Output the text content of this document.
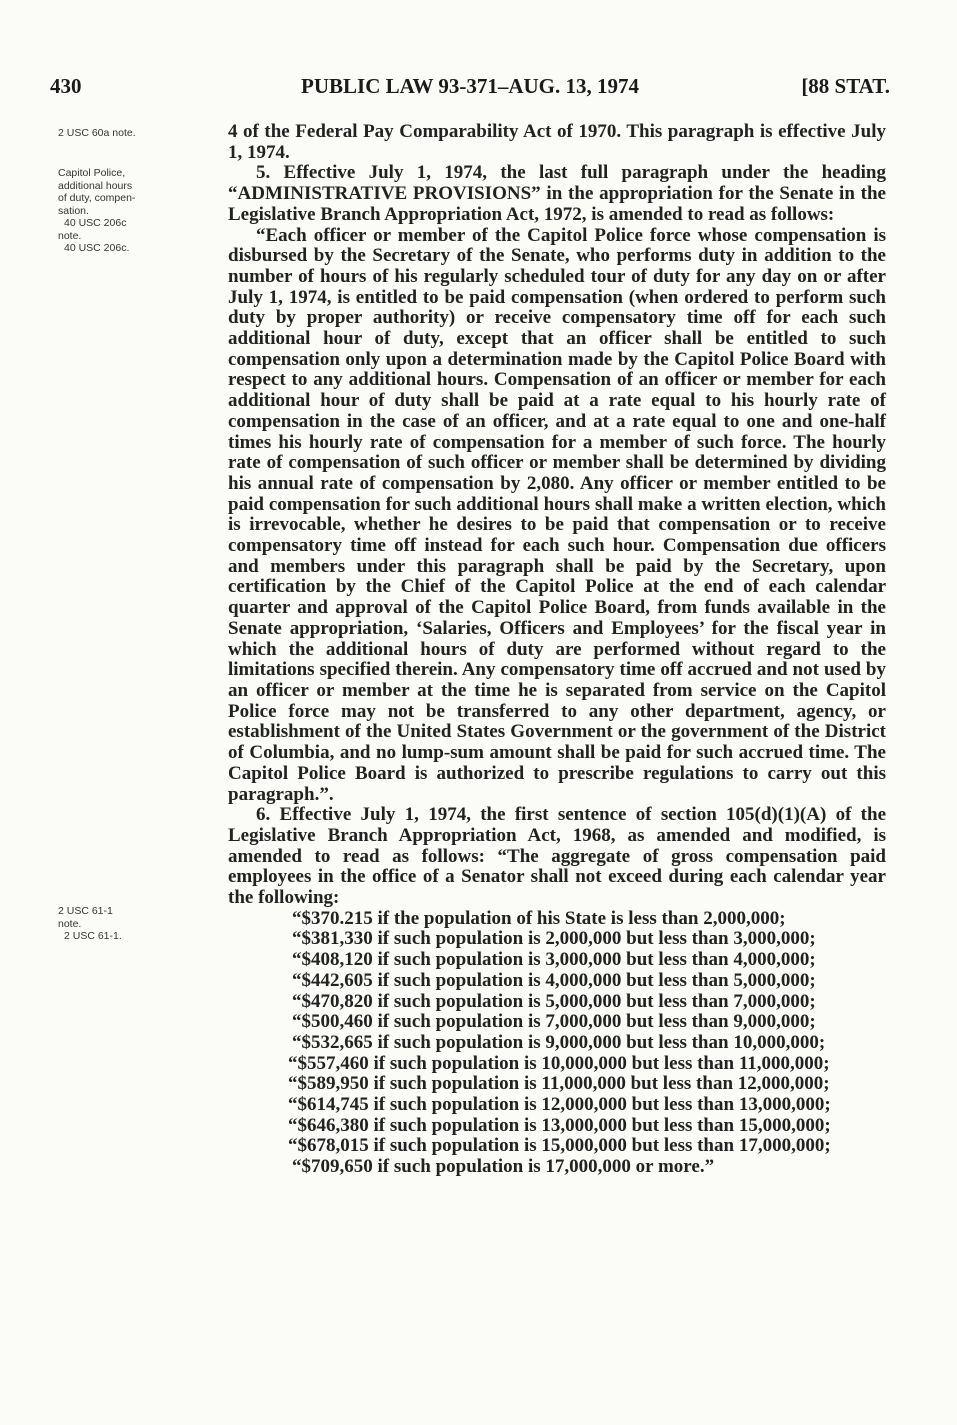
430	PUBLIC LAW 93-371–AUG. 13, 1974	[88 STAT.
2 USC 60a note.
Capitol Police,
additional hours
of duty, compen-
sation.
40 USC 206c
note.
40 USC 206c.
2 USC 61-1
note.
2 USC 61-1.

4 of the Federal Pay Comparability Act of 1970. This paragraph is effective July 1, 1974.

5. Effective July 1, 1974, the last full paragraph under the heading “ADMINISTRATIVE PROVISIONS” in the appropriation for the Senate in the Legislative Branch Appropriation Act, 1972, is amended to read as follows:

“Each officer or member of the Capitol Police force whose compensation is disbursed by the Secretary of the Senate, who performs duty in addition to the number of hours of his regularly scheduled tour of duty for any day on or after July 1, 1974, is entitled to be paid compensation (when ordered to perform such duty by proper authority) or receive compensatory time off for each such additional hour of duty, except that an officer shall be entitled to such compensation only upon a determination made by the Capitol Police Board with respect to any additional hours. Compensation of an officer or member for each additional hour of duty shall be paid at a rate equal to his hourly rate of compensation in the case of an officer, and at a rate equal to one and one-half times his hourly rate of compensation for a member of such force. The hourly rate of compensation of such officer or member shall be determined by dividing his annual rate of compensation by 2,080. Any officer or member entitled to be paid compensation for such additional hours shall make a written election, which is irrevocable, whether he desires to be paid that compensation or to receive compensatory time off instead for each such hour. Compensation due officers and members under this paragraph shall be paid by the Secretary, upon certification by the Chief of the Capitol Police at the end of each calendar quarter and approval of the Capitol Police Board, from funds available in the Senate appropriation, ‘Salaries, Officers and Employees’ for the fiscal year in which the additional hours of duty are performed without regard to the limitations specified therein. Any compensatory time off accrued and not used by an officer or member at the time he is separated from service on the Capitol Police force may not be transferred to any other department, agency, or establishment of the United States Government or the government of the District of Columbia, and no lump-sum amount shall be paid for such accrued time. The Capitol Police Board is authorized to prescribe regulations to carry out this paragraph.”.

6. Effective July 1, 1974, the first sentence of section 105(d)(1)(A) of the Legislative Branch Appropriation Act, 1968, as amended and modified, is amended to read as follows: “The aggregate of gross compensation paid employees in the office of a Senator shall not exceed during each calendar year the following:

“$370.215 if the population of his State is less than 2,000,000;

“$381,330 if such population is 2,000,000 but less than 3,000,000;

“$408,120 if such population is 3,000,000 but less than 4,000,000;

“$442,605 if such population is 4,000,000 but less than 5,000,000;

“$470,820 if such population is 5,000,000 but less than 7,000,000;

“$500,460 if such population is 7,000,000 but less than 9,000,000;

“$532,665 if such population is 9,000,000 but less than 10,000,000;

“$557,460 if such population is 10,000,000 but less than 11,000,000;

“$589,950 if such population is 11,000,000 but less than 12,000,000;

“$614,745 if such population is 12,000,000 but less than 13,000,000;

“$646,380 if such population is 13,000,000 but less than 15,000,000;

“$678,015 if such population is 15,000,000 but less than 17,000,000;

“$709,650 if such population is 17,000,000 or more.”
